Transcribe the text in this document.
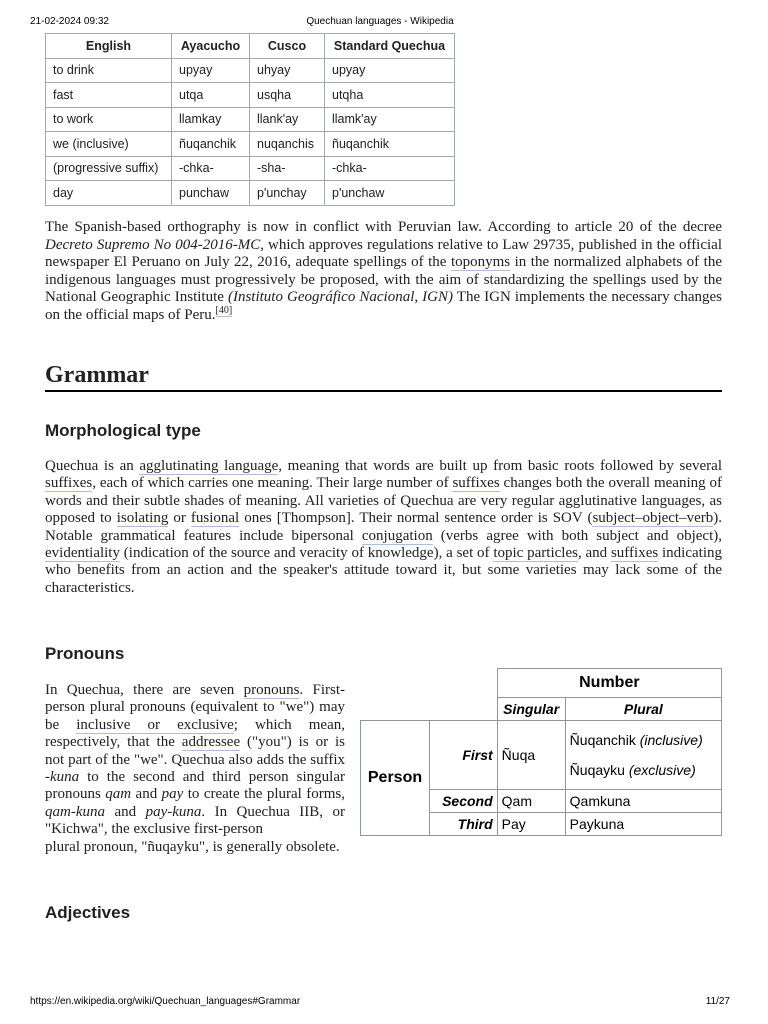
21-02-2024 09:32	Quechuan languages - Wikipedia
English	Ayacucho	Cusco	Standard Quechua
to drink	upyay	uhyay	upyay
fast	utqa	usqha	utqha
to work	llamkay	llank'ay	llamk'ay
we (inclusive)	ñuqanchik	nuqanchis	ñuqanchik
(progressive suffix)	-chka-	-sha-	-chka-
day	punchaw	p'unchay	p'unchaw

The Spanish-based orthography is now in conflict with Peruvian law. According to article 20 of the decree Decreto Supremo No 004-2016-MC, which approves regulations relative to Law 29735, published in the official newspaper El Peruano on July 22, 2016, adequate spellings of the toponyms in the normalized alphabets of the indigenous languages must progressively be proposed, with the aim of standardizing the spellings used by the National Geographic Institute (Instituto Geográfico Nacional, IGN) The IGN implements the necessary changes on the official maps of Peru.[40]

Grammar
Morphological type

Quechua is an agglutinating language, meaning that words are built up from basic roots followed by several suffixes, each of which carries one meaning. Their large number of suffixes changes both the overall meaning of words and their subtle shades of meaning. All varieties of Quechua are very regular agglutinative languages, as opposed to isolating or fusional ones [Thompson]. Their normal sentence order is SOV (subject–object–verb). Notable grammatical features include bipersonal conjugation (verbs agree with both subject and object), evidentiality (indication of the source and veracity of knowledge), a set of topic particles, and suffixes indicating who benefits from an action and the speaker's attitude toward it, but some varieties may lack some of the characteristics.

Pronouns

In Quechua, there are seven pronouns. First-person plural pronouns (equivalent to "we") may be inclusive or exclusive; which mean, respectively, that the addressee ("you") is or is not part of the "we". Quechua also adds the suffix -kuna to the second and third person singular pronouns qam and pay to create the plural forms, qam-kuna and pay-kuna. In Quechua IIB, or "Kichwa", the exclusive first-person
plural pronoun, "ñuqayku", is generally obsolete.

		Number	
		Singular	Plural
Person	First	Ñuqa	Ñuqanchik (inclusive)
Ñuqayku (exclusive)

	Second	Qam	Qamkuna
	Third	Pay	Paykuna
Adjectives
https://en.wikipedia.org/wiki/Quechuan_languages#Grammar	11/27
